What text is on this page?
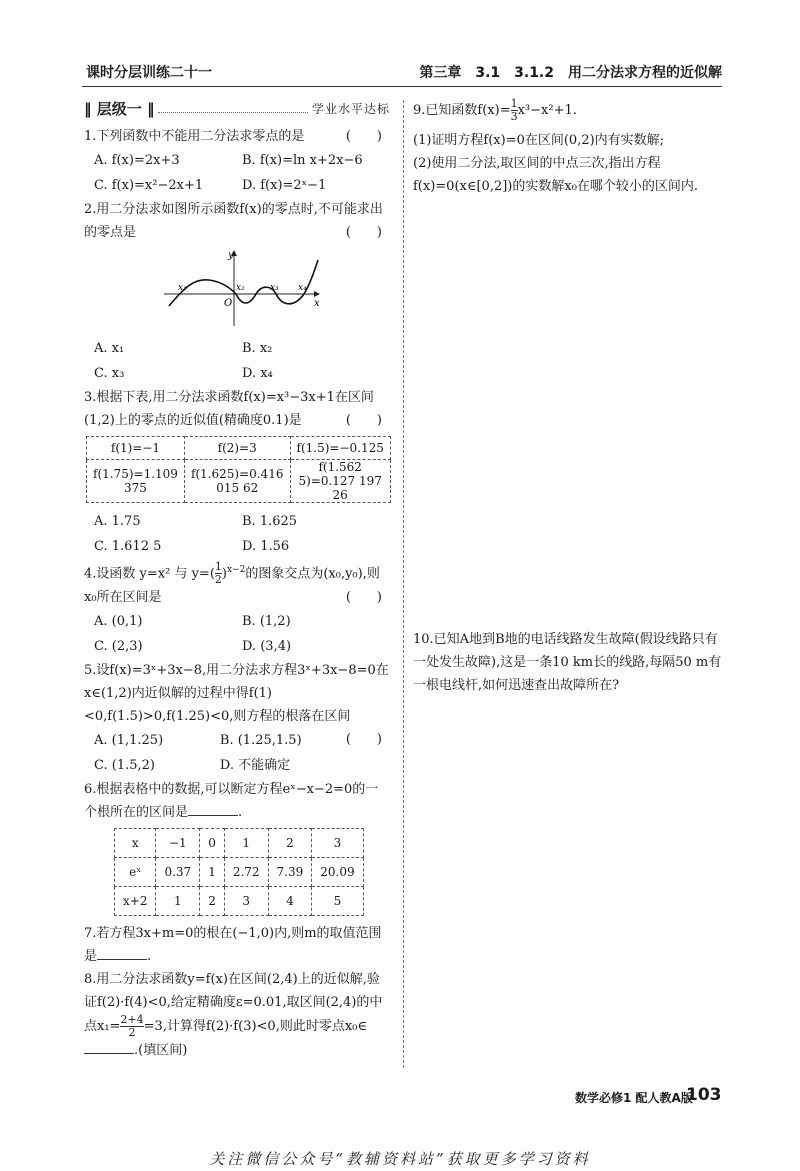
课时分层训练二十一	第三章　3.1　3.1.2　用二分法求方程的近似解
‖ 层级一 ‖	学业水平达标

1.下列函数中不能用二分法求零点的是	(　　)

A. f(x)=2x+3	B. f(x)=ln x+2x−6
C. f(x)=x²−2x+1	D. f(x)=2ˣ−1

2.用二分法求如图所示函数f(x)的零点时,不可能求出的零点是	(　　)

y
x
O
x₁	x₂	x₃ x₄
A. x₁	B. x₂
C. x₃	D. x₄

3.根据下表,用二分法求函数f(x)=x³−3x+1在区间(1,2)上的零点的近似值(精确度0.1)是	(　　)

f(1)=−1	f(2)=3	f(1.5)=−0.125
f(1.75)=1.109 375	f(1.625)=0.416 015 62	f(1.562 5)=0.127 197 26
A. 1.75	B. 1.625
C. 1.612 5	D. 1.56

4.设函数 y=x² 与 $y=( \frac{1}{2} )^{x-2}$的图象交点为(x₀,y₀),则x₀所在区间是	(　　)

A. (0,1)	B. (1,2)
C. (2,3)	D. (3,4)

5.设f(x)=3ˣ+3x−8,用二分法求方程3ˣ+3x−8=0在x∈(1,2)内近似解的过程中得f(1)<0,f(1.5)>0,f(1.25)<0,则方程的根落在区间
(　　)

A. (1,1.25)	B. (1.25,1.5)
C. (1.5,2)	D. 不能确定

6.根据表格中的数据,可以断定方程eˣ−x−2=0的一个根所在的区间是	.

x	−1	0	1	2	3
eˣ	0.37	1	2.72	7.39	20.09
x+2	1	2	3	4	5

7.若方程3x+m=0的根在(−1,0)内,则m的取值范围是	.

8.用二分法求函数y=f(x)在区间(2,4)上的近似解,验证f(2)·f(4)<0,给定精确度ε=0.01,取区间(2,4)的中点$x_1= \frac{2+4}{2} =3$,计算得f(2)·f(3)<0,则此时零点x₀∈.(填区间)

9.已知函数$f(x)= \frac{1}{3} x^3-x^2+1$.

(1)证明方程f(x)=0在区间(0,2)内有实数解;

(2)使用二分法,取区间的中点三次,指出方程f(x)=0(x∈[0,2])的实数解x₀在哪个较小的区间内.

10.已知A地到B地的电话线路发生故障(假设线路只有一处发生故障),这是一条10 km长的线路,每隔50 m有一根电线杆,如何迅速查出故障所在?

数学必修1 配人教A版
103
关注微信公众号“教辅资料站”获取更多学习资料
